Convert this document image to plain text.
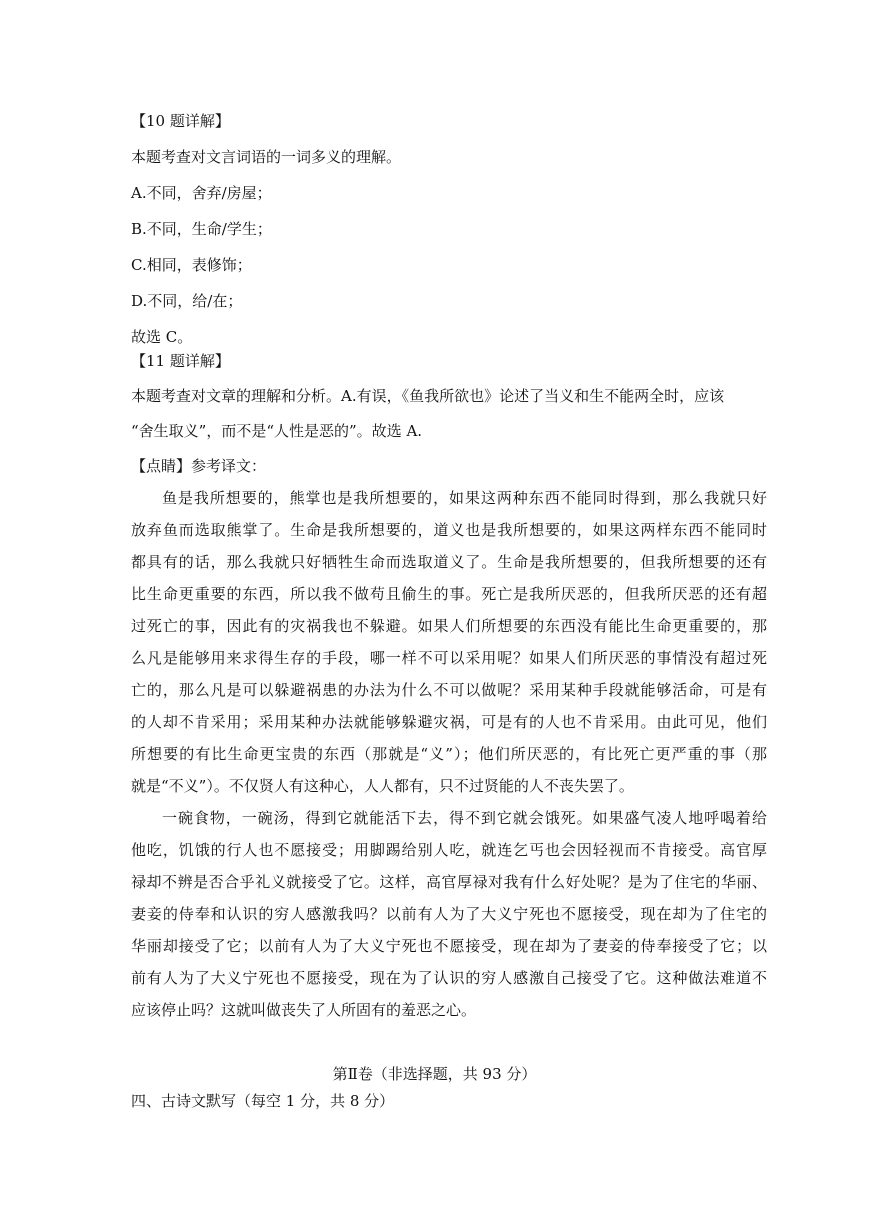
【10 题详解】
本题考查对文言词语的一词多义的理解。
A.不同，舍弃/房屋；
B.不同，生命/学生；
C.相同，表修饰；
D.不同，给/在；
故选 C。
【11 题详解】
本题考查对文章的理解和分析。A.有误，《鱼我所欲也》论述了当义和生不能两全时，应该
“舍生取义”，而不是“人性是恶的”。故选 A.
【点睛】参考译文：
鱼是我所想要的，熊掌也是我所想要的，如果这两种东西不能同时得到，那么我就只好
放弃鱼而选取熊掌了。生命是我所想要的，道义也是我所想要的，如果这两样东西不能同时
都具有的话，那么我就只好牺牲生命而选取道义了。生命是我所想要的，但我所想要的还有
比生命更重要的东西，所以我不做苟且偷生的事。死亡是我所厌恶的，但我所厌恶的还有超
过死亡的事，因此有的灾祸我也不躲避。如果人们所想要的东西没有能比生命更重要的，那
么凡是能够用来求得生存的手段，哪一样不可以采用呢？如果人们所厌恶的事情没有超过死
亡的，那么凡是可以躲避祸患的办法为什么不可以做呢？采用某种手段就能够活命，可是有
的人却不肯采用；采用某种办法就能够躲避灾祸，可是有的人也不肯采用。由此可见，他们
所想要的有比生命更宝贵的东西（那就是“义”）；他们所厌恶的，有比死亡更严重的事（那
就是“不义”）。不仅贤人有这种心，人人都有，只不过贤能的人不丧失罢了。
一碗食物，一碗汤，得到它就能活下去，得不到它就会饿死。如果盛气凌人地呼喝着给
他吃，饥饿的行人也不愿接受；用脚踢给别人吃，就连乞丐也会因轻视而不肯接受。高官厚
禄却不辨是否合乎礼义就接受了它。这样，高官厚禄对我有什么好处呢？是为了住宅的华丽、
妻妾的侍奉和认识的穷人感激我吗？以前有人为了大义宁死也不愿接受，现在却为了住宅的
华丽却接受了它；以前有人为了大义宁死也不愿接受，现在却为了妻妾的侍奉接受了它；以
前有人为了大义宁死也不愿接受，现在为了认识的穷人感激自己接受了它。这种做法难道不
应该停止吗？这就叫做丧失了人所固有的羞恶之心。
第Ⅱ卷（非选择题，共 93 分）
四、古诗文默写（每空 1 分，共 8 分）
